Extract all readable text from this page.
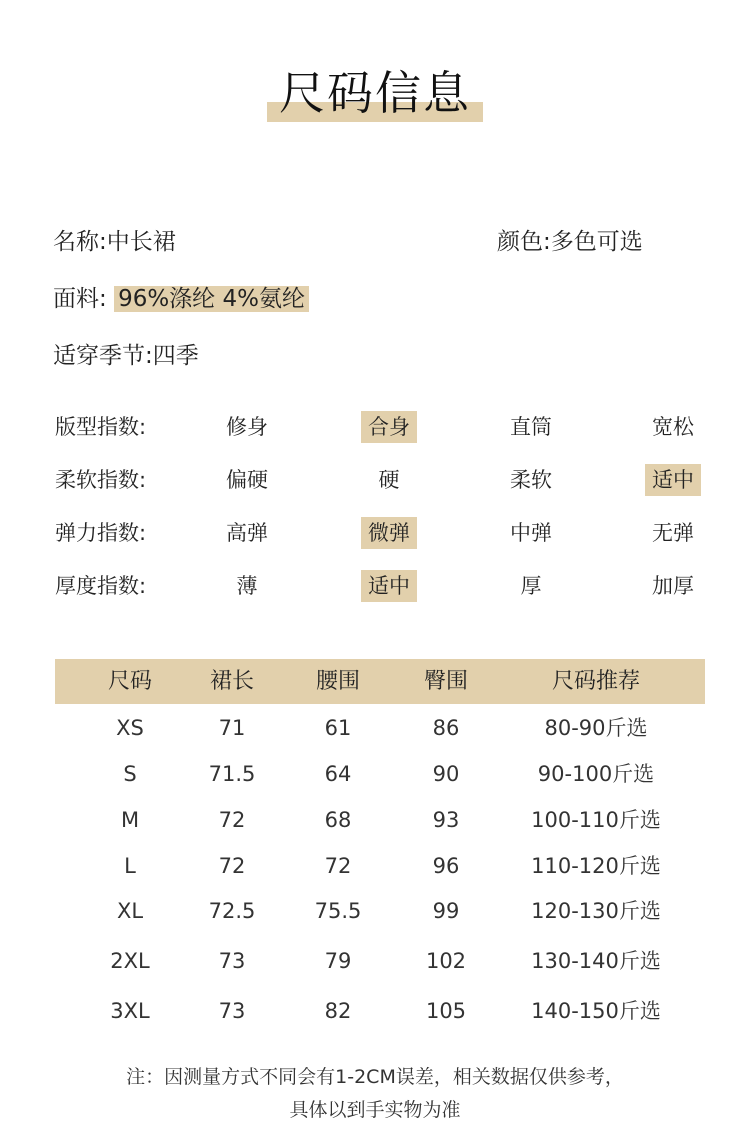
尺码信息
名称:中长裙	颜色:多色可选
面料: 96%涤纶 4%氨纶
适穿季节:四季
版型指数:	修身	合身	直筒	宽松
柔软指数:	偏硬	硬	柔软	适中
弹力指数:	高弹	微弹	中弹	无弹
厚度指数:	薄	适中	厚	加厚
尺码	裙长	腰围	臀围	尺码推荐
XS	71	61	86	80-90斤选
S	71.5	64	90	90-100斤选
M	72	68	93	100-110斤选
L	72	72	96	110-120斤选
XL	72.5	75.5	99	120-130斤选
2XL	73	79	102	130-140斤选
3XL	73	82	105	140-150斤选
注：因测量方式不同会有1-2CM误差，相关数据仅供参考，
具体以到手实物为准
